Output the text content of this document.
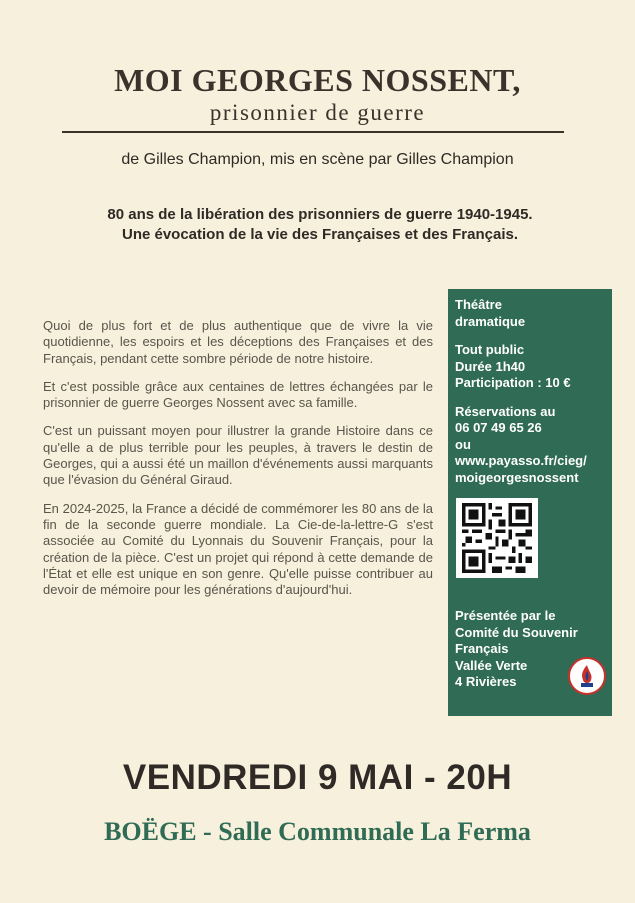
MOI GEORGES NOSSENT,
prisonnier de guerre
de Gilles Champion, mis en scène par Gilles Champion
80 ans de la libération des prisonniers de guerre 1940-1945.
Une évocation de la vie des Françaises et des Français.

Quoi de plus fort et de plus authentique que de vivre la vie quotidienne, les espoirs et les déceptions des Françaises et des Français, pendant cette sombre période de notre histoire.

Et c'est possible grâce aux centaines de lettres échangées par le prisonnier de guerre Georges Nossent avec sa famille.

C'est un puissant moyen pour illustrer la grande Histoire dans ce qu'elle a de plus terrible pour les peuples, à travers le destin de Georges, qui a aussi été un maillon d'événements aussi marquants que l'évasion du Général Giraud.

En 2024-2025, la France a décidé de commémorer les 80 ans de la fin de la seconde guerre mondiale. La Cie-de-la-lettre-G s'est associée au Comité du Lyonnais du Souvenir Français, pour la création de la pièce. C'est un projet qui répond à cette demande de l'État et elle est unique en son genre. Qu'elle puisse contribuer au devoir de mémoire pour les générations d'aujourd'hui.

Théâtre
dramatique
Tout public
Durée 1h40
Participation : 10 €
Réservations au
06 07 49 65 26
ou
www.payasso.fr/cieg/
moigeorgesnossent
Présentée par le
Comité du Souvenir
Français
Vallée Verte
4 Rivières
VENDREDI 9 MAI - 20H
BOËGE - Salle Communale La Ferma
